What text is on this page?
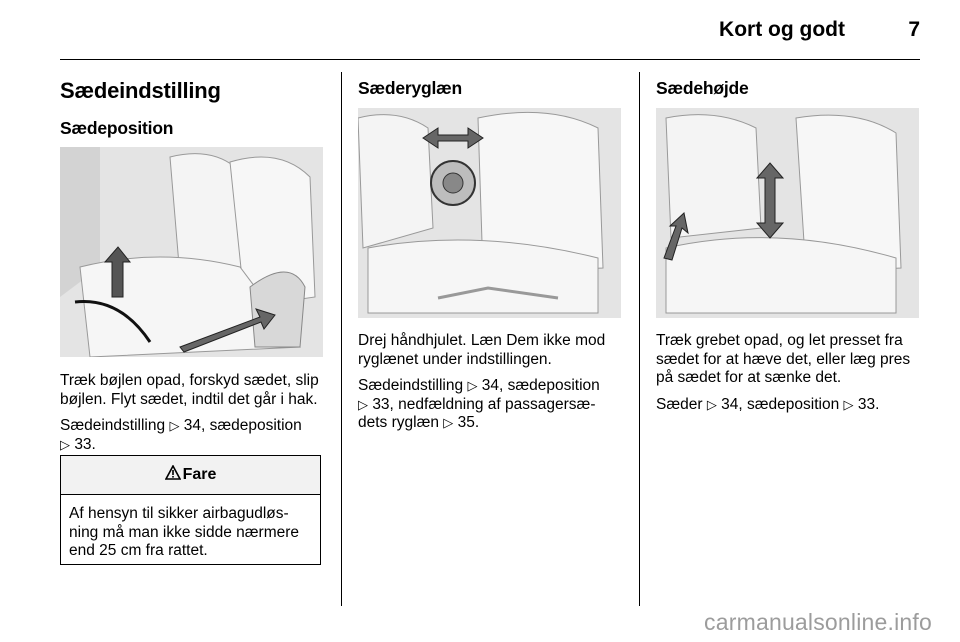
Kort og godt	7
Sædeindstilling
Sædeposition

Træk bøjlen opad, forskyd sædet, slip bøjlen. Flyt sædet, indtil det går i hak.

Sædeindstilling ▷ 34, sædeposition
▷ 33.

Fare
Af hensyn til sikker airbagudløs-ning må man ikke sidde nærmere end 25 cm fra rattet.
Sæderyglæn

Drej håndhjulet. Læn Dem ikke mod ryglænet under indstillingen.

Sædeindstilling ▷ 34, sædeposition
▷ 33, nedfældning af passagersæ-
dets ryglæn ▷ 35.

Sædehøjde

Træk grebet opad, og let presset fra sædet for at hæve det, eller læg pres på sædet for at sænke det.

Sæder ▷ 34, sædeposition ▷ 33.

carmanualsonline.info
